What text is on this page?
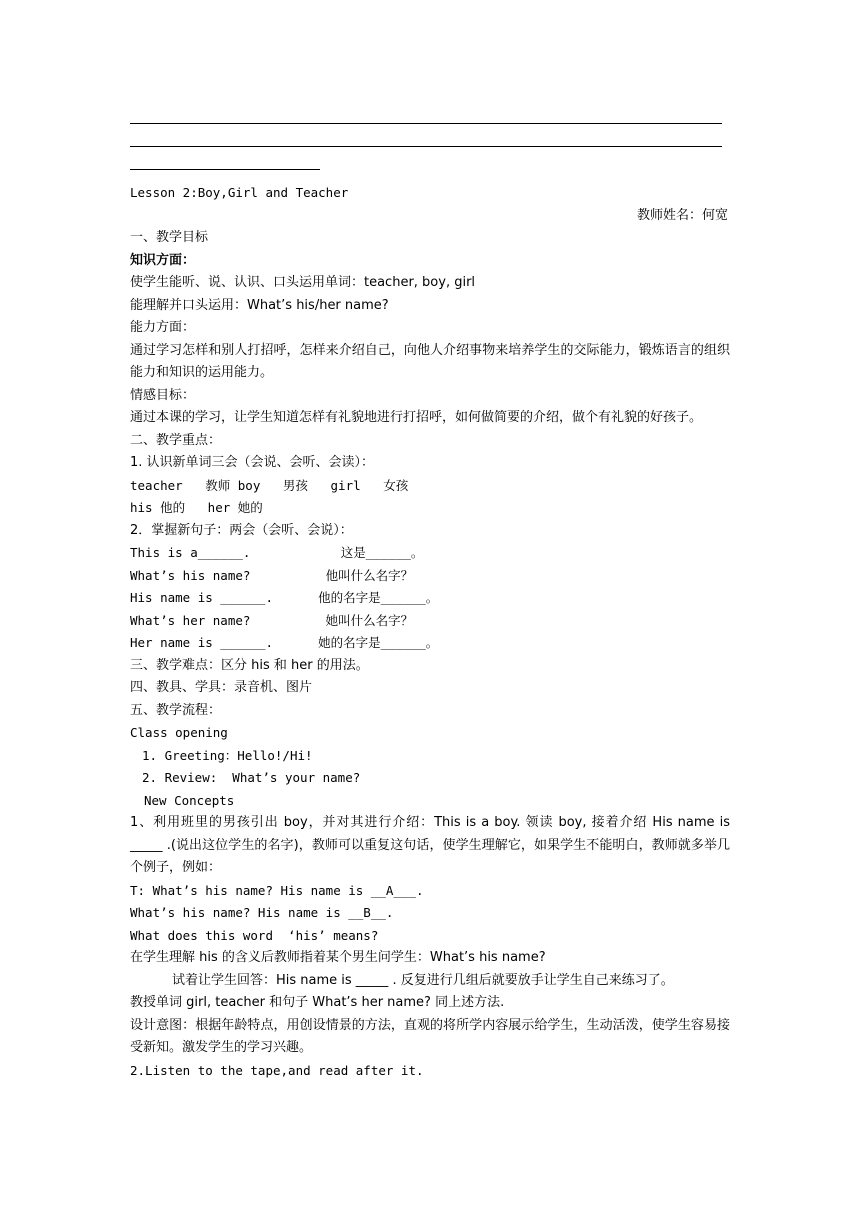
Lesson 2:Boy,Girl and Teacher
教师姓名：何宽
一、教学目标
知识方面：
使学生能听、说、认识、口头运用单词：teacher, boy, girl
能理解并口头运用：What’s his/her name?
能力方面：
通过学习怎样和别人打招呼，怎样来介绍自己，向他人介绍事物来培养学生的交际能力，锻炼语言的组织能力和知识的运用能力。
情感目标：
通过本课的学习，让学生知道怎样有礼貌地进行打招呼，如何做简要的介绍，做个有礼貌的好孩子。
二、教学重点：
1. 认识新单词三会（会说、会听、会读）：
teacher   教师 boy   男孩   girl   女孩
his 他的   her 她的
2．掌握新句子：两会（会听、会说）：
This is a______.            这是______。
What’s his name?          他叫什么名字？
His name is ______.      他的名字是______。
What’s her name?          她叫什么名字？
Her name is ______.      她的名字是______。
三、教学难点：区分 his 和 her 的用法。
四、教具、学具：录音机、图片
五、教学流程：
Class opening
1. Greeting：Hello!/Hi!
2. Review:  What’s your name?
New Concepts
1、利用班里的男孩引出 boy，并对其进行介绍：This is a boy. 领读 boy, 接着介绍 His name is _____ .(说出这位学生的名字)，教师可以重复这句话，使学生理解它，如果学生不能明白，教师就多举几个例子，例如：
T: What’s his name? His name is __A___.
What’s his name? His name is __B__.
What does this word  ‘his’ means?
在学生理解 his 的含义后教师指着某个男生问学生：What’s his name?
试着让学生回答：His name is _____ . 反复进行几组后就要放手让学生自己来练习了。
教授单词 girl, teacher 和句子 What’s her name? 同上述方法.
设计意图：根据年龄特点，用创设情景的方法，直观的将所学内容展示给学生，生动活泼，使学生容易接受新知。激发学生的学习兴趣。
2.Listen to the tape,and read after it.
